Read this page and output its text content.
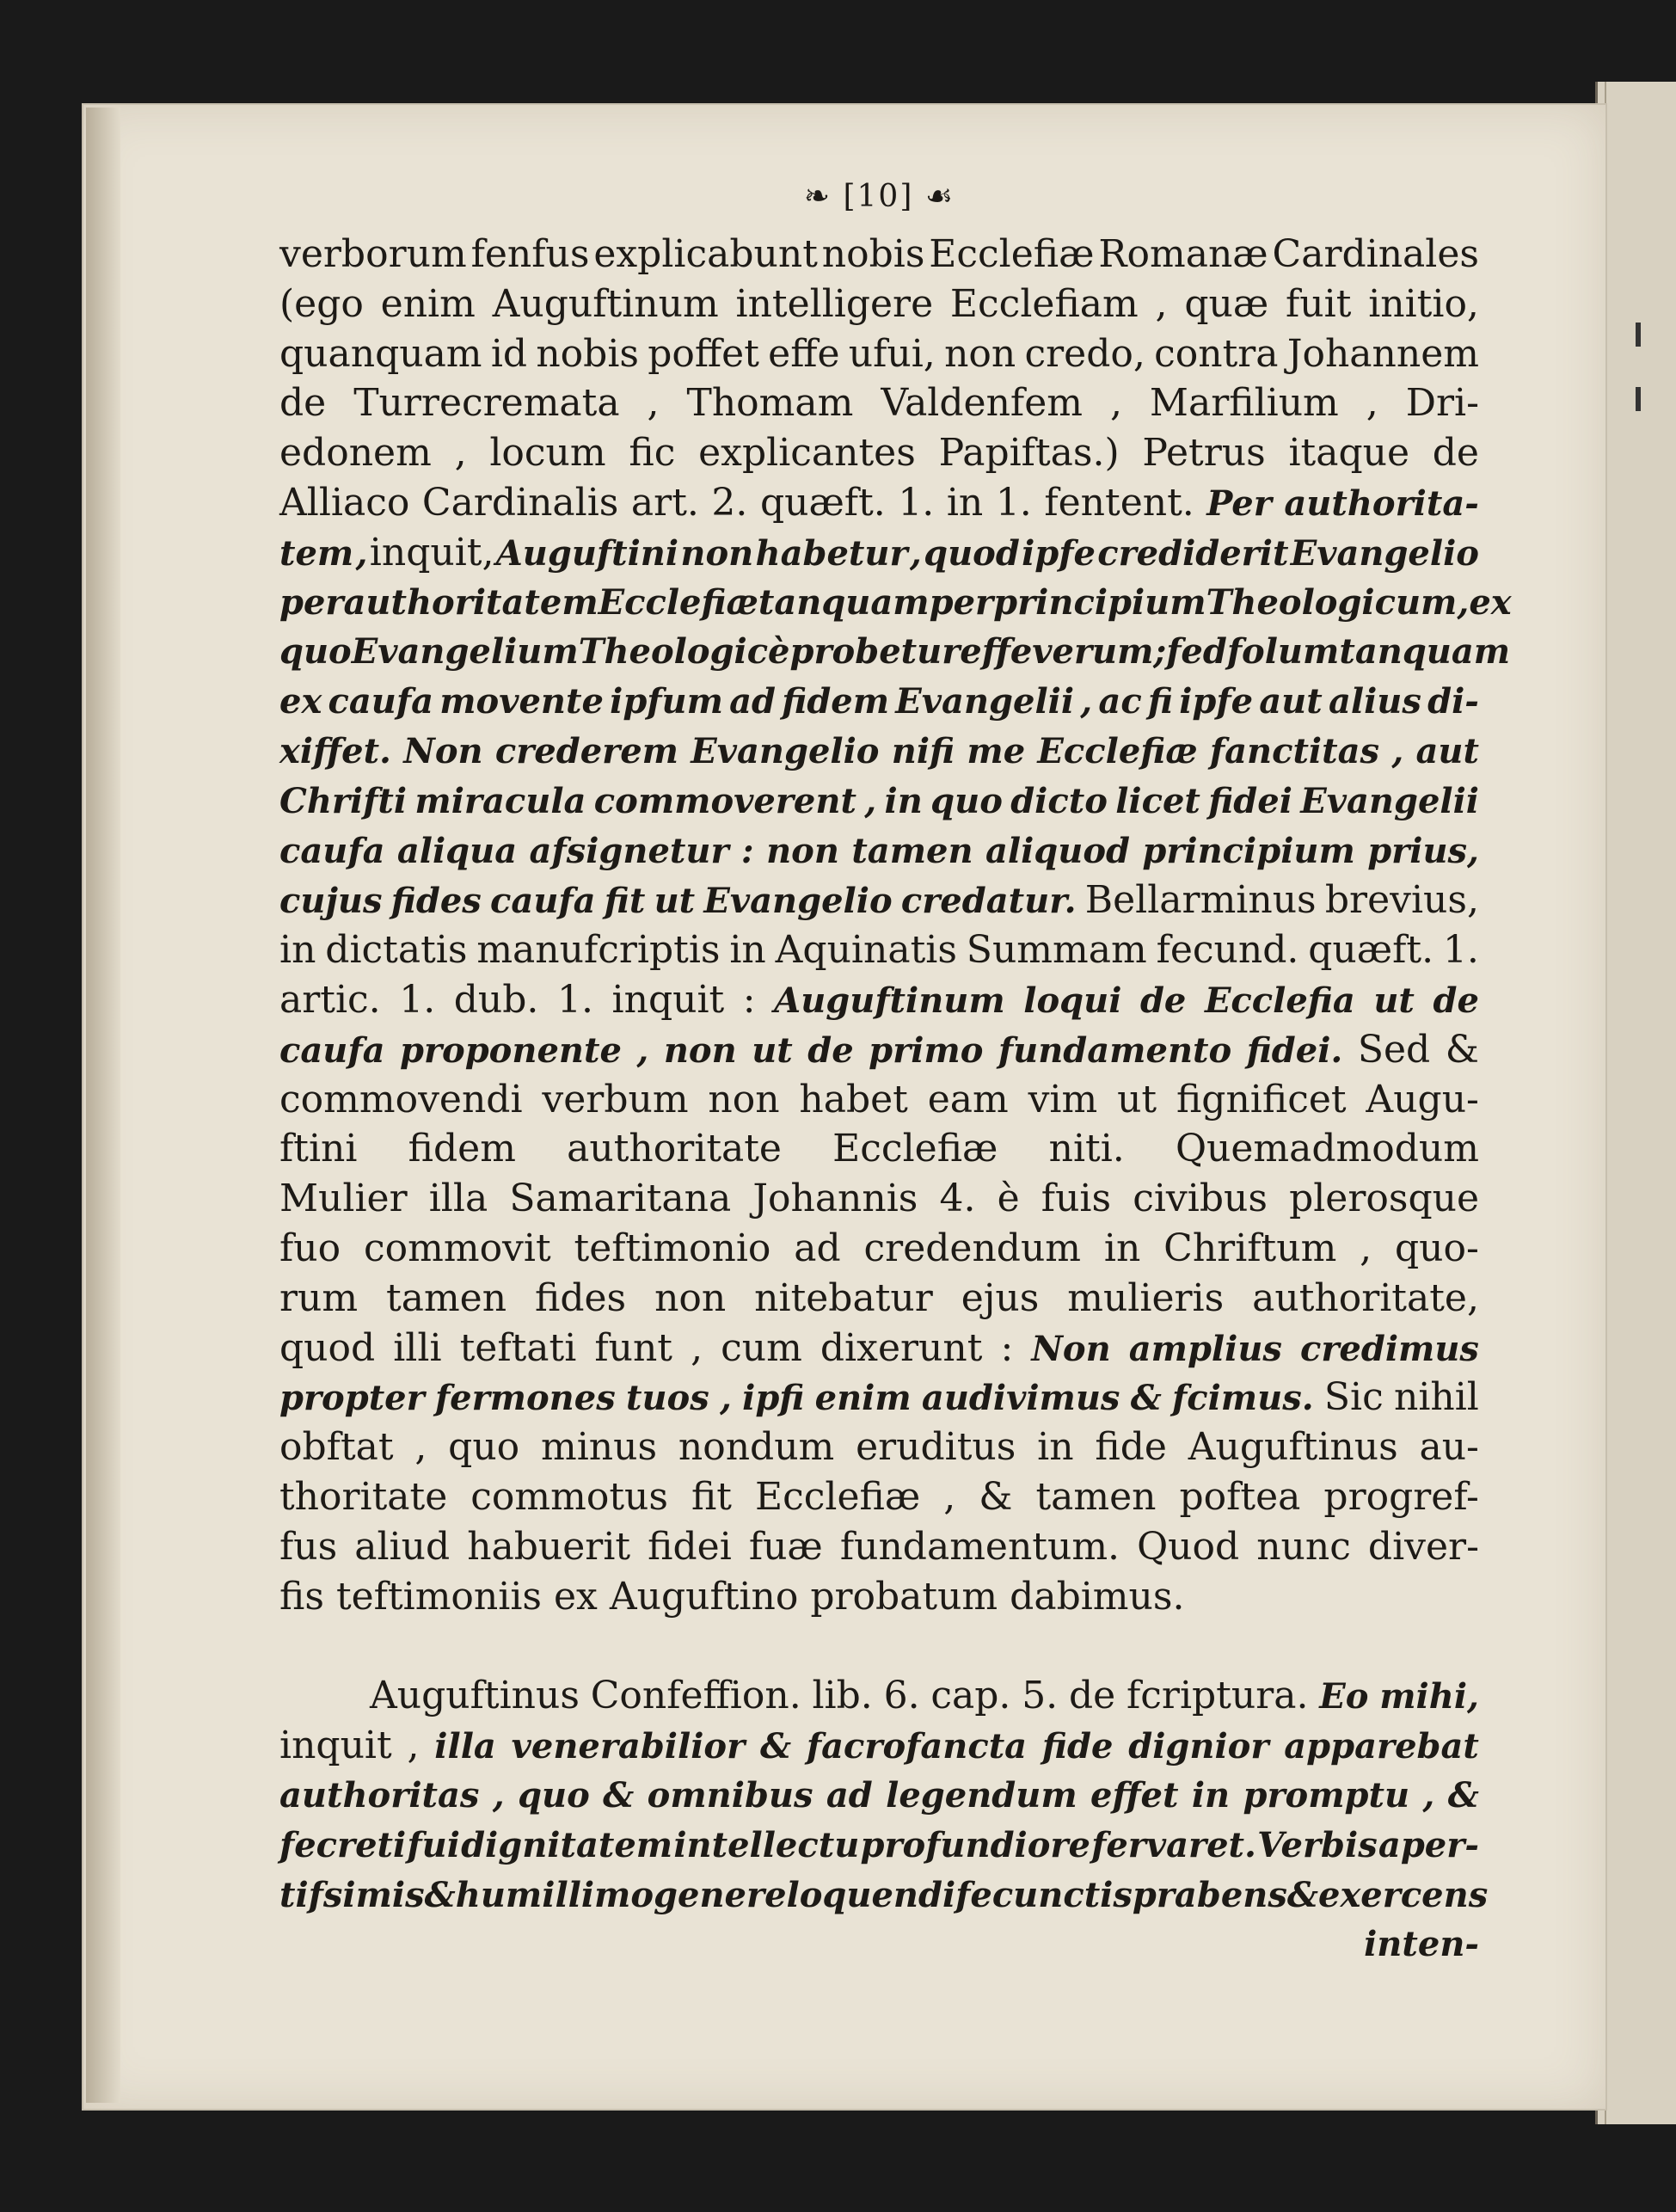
❧ [10] ☙
verborum fenfus explicabunt nobis Ecclefiæ Romanæ Cardinales
(ego enim Auguftinum intelligere Ecclefiam , quæ fuit initio,
quanquam id nobis poffet effe ufui, non credo, contra Johannem
de Turrecremata , Thomam Valdenfem , Marfilium , Dri-
edonem , locum fic explicantes Papiftas.) Petrus itaque de
Alliaco Cardinalis art. 2. quæft. 1. in 1. fentent. Per authorita-
tem , inquit, Auguftini non habetur , quod ipfe crediderit Evangelio
per authoritatem Ecclefiæ tanquam per principium Theologicum , ex
quo Evangelium Theologicè probetur effe verum ; fed folum tanquam
ex caufa movente ipfum ad fidem Evangelii , ac fi ipfe aut alius di-
xiffet. Non crederem Evangelio nifi me Ecclefiæ fanctitas , aut
Chrifti miracula commoverent , in quo dicto licet fidei Evangelii
caufa aliqua afsignetur : non tamen aliquod principium prius,
cujus fides caufa fit ut Evangelio credatur. Bellarminus brevius,
in dictatis manufcriptis in Aquinatis Summam fecund. quæft. 1.
artic. 1. dub. 1. inquit : Auguftinum loqui de Ecclefia ut de
caufa proponente , non ut de primo fundamento fidei. Sed &
commovendi verbum non habet eam vim ut fignificet Augu-
ftini fidem authoritate Ecclefiæ niti. Quemadmodum
Mulier illa Samaritana Johannis 4. è fuis civibus plerosque
fuo commovit teftimonio ad credendum in Chriftum , quo-
rum tamen fides non nitebatur ejus mulieris authoritate,
quod illi teftati funt , cum dixerunt : Non amplius credimus
propter fermones tuos , ipfi enim audivimus & fcimus. Sic nihil
obftat , quo minus nondum eruditus in fide Auguftinus au-
thoritate commotus fit Ecclefiæ , & tamen poftea progref-
fus aliud habuerit fidei fuæ fundamentum. Quod nunc diver-
fis teftimoniis ex Auguftino probatum dabimus.
Auguftinus Confeffion. lib. 6. cap. 5. de fcriptura. Eo mihi,
inquit , illa venerabilior & facrofancta fide dignior apparebat
authoritas , quo & omnibus ad legendum effet in promptu , &
fecreti fui dignitatem intellectu profundiore fervaret. Verbis aper-
tifsimis & humillimo genere loquendi fe cunctis prabens & exercens
inten-
